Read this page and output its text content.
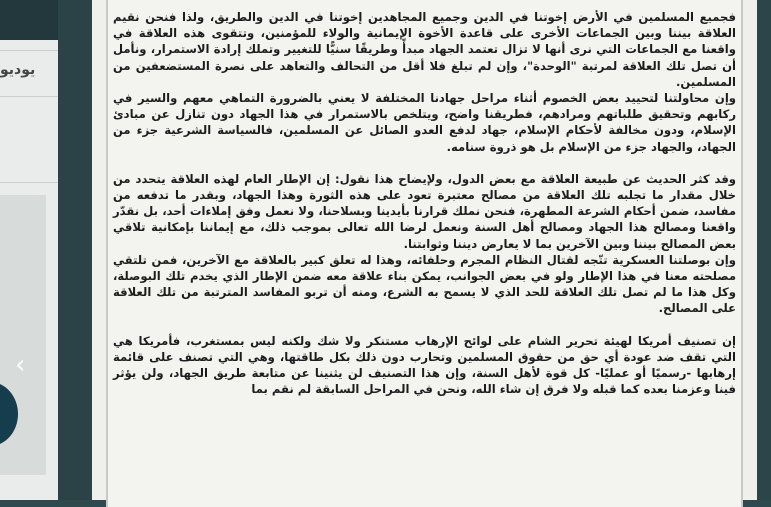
يوديو
‹

فجميع المسلمين في الأرض إخوتنا في الدين وجميع المجاهدين إخوتنا في الدين والطريق، ولذا فنحن نقيم العلاقة بيننا وبين الجماعات الأخرى على قاعدة الأخوة الإيمانية والولاء للمؤمنين، وتتقوى هذه العلاقة في واقعنا مع الجماعات التي نرى أنها لا تزال تعتمد الجهاد مبدأً وطريقًا سنيًّا للتغيير وتملك إرادة الاستمرار، ونأمل أن تصل تلك العلاقة لمرتبة "الوحدة"، وإن لم تبلغ فلا أقل من التحالف والتعاهد على نصرة المستضعفين من المسلمين.

وإن محاولتنا لتحييد بعض الخصوم أثناء مراحل جهادنا المختلفة لا يعني بالضرورة التماهي معهم والسير في ركابهم وتحقيق طلباتهم ومرادهم، فطريقنا واضح، ويتلخص بالاستمرار في هذا الجهاد دون تنازل عن مبادئ الإسلام، ودون مخالفة لأحكام الإسلام، جهاد لدفع العدو الصائل عن المسلمين، فالسياسة الشرعية جزء من الجهاد، والجهاد جزء من الإسلام بل هو ذروة سنامه.

وقد كثر الحديث عن طبيعة العلاقة مع بعض الدول، ولإيضاح هذا نقول: إن الإطار العام لهذه العلاقة يتحدد من خلال مقدار ما تجلبه تلك العلاقة من مصالح معتبرة تعود على هذه الثورة وهذا الجهاد، وبقدر ما تدفعه من مفاسد، ضمن أحكام الشرعة المطهرة، فنحن نملك قرارنا بأيدينا وبسلاحنا، ولا نعمل وفق إملاءات أحد، بل نقدّر واقعنا ومصالح هذا الجهاد ومصالح أهل السنة ونعمل لرضا الله تعالى بموجب ذلك، مع إيماننا بإمكانية تلاقي بعض المصالح بيننا وبين الآخرين بما لا يعارض ديننا وثوابتنا.

وإن بوصلتنا العسكرية تتّجه لقتال النظام المجرم وحلفائه، وهذا له تعلق كبير بالعلاقة مع الآخرين، فمن تلتقي مصلحته معنا في هذا الإطار ولو في بعض الجوانب، يمكن بناء علاقة معه ضمن الإطار الذي يخدم تلك البوصلة، وكل هذا ما لم تصل تلك العلاقة للحد الذي لا يسمح به الشرع، ومنه أن تربو المفاسد المترتبة من تلك العلاقة على المصالح.

إن تصنيف أمريكا لهيئة تحرير الشام على لوائح الإرهاب مستنكر ولا شك ولكنه ليس بمستغرب، فأمريكا هي التي تقف ضد عودة أي حق من حقوق المسلمين وتحارب دون ذلك بكل طاقتها، وهي التي تصنف على قائمة إرهابها -رسميًا أو عمليًا- كل قوة لأهل السنة، وإن هذا التصنيف لن يثنينا عن متابعة طريق الجهاد، ولن يؤثر فينا وعزمنا بعده كما قبله ولا فرق إن شاء الله، ونحن في المراحل السابقة لم نقم بما
